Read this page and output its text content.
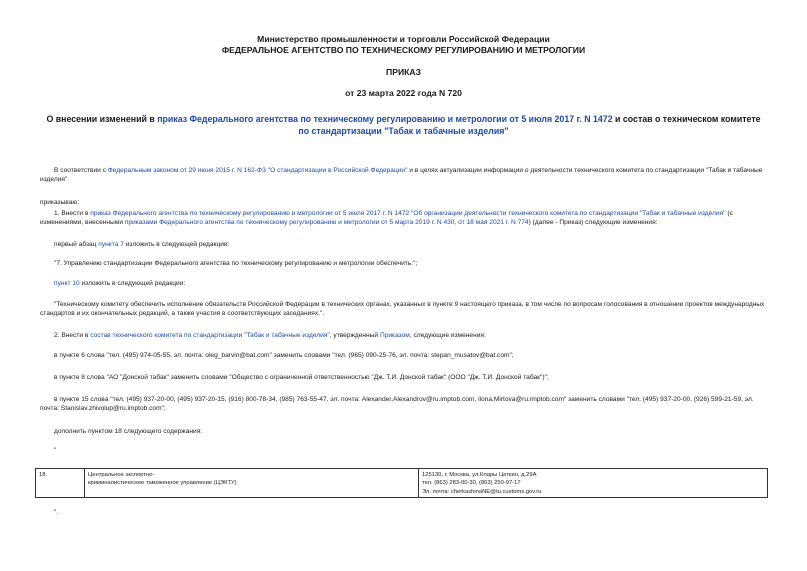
Министерство промышленности и торговли Российской Федерации
ФЕДЕРАЛЬНОЕ АГЕНТСТВО ПО ТЕХНИЧЕСКОМУ РЕГУЛИРОВАНИЮ И МЕТРОЛОГИИ
ПРИКАЗ
от 23 марта 2022 года N 720
О внесении изменений в приказ Федерального агентства по техническому регулированию и метрологии от 5 июля 2017 г. N 1472 и состав о техническом комитете
по стандартизации "Табак и табачные изделия"
В соответствии с Федеральным законом от 29 июня 2015 г. N 162-ФЗ "О стандартизации в Российской Федерации" и в целях актуализации информации о деятельности технического комитета по стандартизации "Табак и табачные изделия"
приказываю:
1. Внести в приказ Федерального агентства по техническому регулированию и метрологии от 5 июля 2017 г. N 1472 "Об организации деятельности технического комитета по стандартизации "Табак и табачные изделия" (с изменениями, внесенными приказами Федерального агентства по техническому регулированию и метрологии от 5 марта 2019 г. N 430, от 18 мая 2021 г. N 774) (далее - Приказ) следующие изменения:
первый абзац пункта 7 изложить в следующей редакции:
"7. Управлению стандартизации Федерального агентства по техническому регулированию и метрологии обеспечить:";
пункт 10 изложить в следующей редакции:
"Техническому комитету обеспечить исполнение обязательств Российской Федерации в технических органах, указанных в пункте 9 настоящего приказа, в том числе по вопросам голосования в отношении проектов международных стандартов и их окончательных редакций, а также участия в соответствующих заседаниях.".
2. Внести в состав технического комитета по стандартизации "Табак и табачные изделия", утвержденный Приказом, следующие изменения:
в пункте 6 слова "тел. (495) 974-05-55, эл. почта: oleg_barvin@bat.com" заменить словами "тел. (965) 090-25-76, эл. почта: stepan_musatov@bat.com";
в пункте 8 слова "АО "Донской табак" заменить словами "Общество с ограниченной ответственностью "Дж. Т.И. Донской табак" (ООО "Дж. Т.И. Донской табак")";
в пункте 15 слова "тел. (495) 937-20-00, (495) 937-20-15, (916) 800-78-34, (985) 763-55-47, эл. почта: Alexander.Alexandrov@ru.imptob.com, ilona.Mirtova@ru.imptob.com" заменить словами "тел. (495) 937-20-00, (926) 599-21-59, эл. почта: Stanislav.zhivolup@ru.imptob.com";
дополнить пунктом 18 следующего содержания:
"
18.	Центральное экспертно-
криминалистическое таможенное управление (ЦЭКТУ)
125130, г. Москва, ул.Клары Цеткин, д.29А
тел. (863) 283-00-30, (863) 250-97-17
Эл. почта: cherkashinaNE@tu.customs.gov.ru
".
